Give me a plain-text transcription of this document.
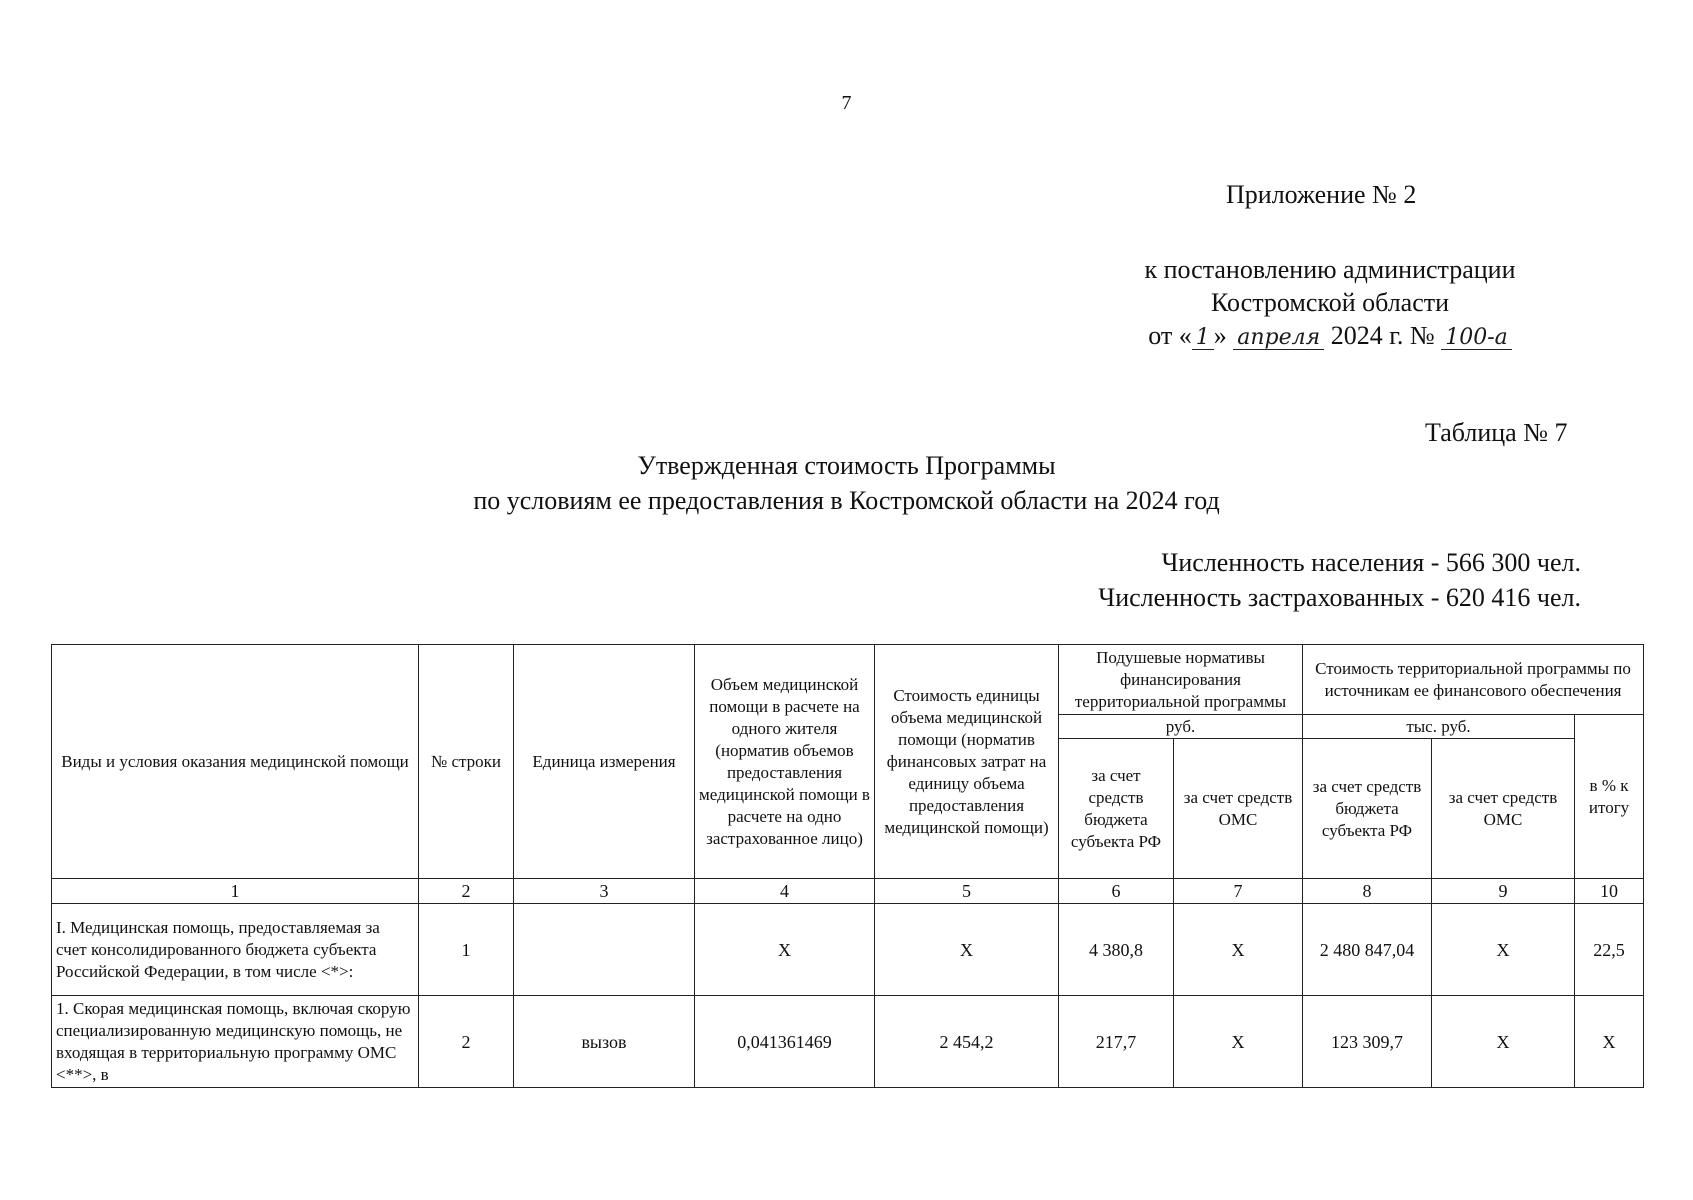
7
Приложение № 2
к постановлению администрации
Костромской области
от « 1 » апреля 2024 г. № 100-а
Таблица № 7
Утвержденная стоимость Программы
по условиям ее предоставления в Костромской области на 2024 год
Численность населения - 566 300 чел.
Численность застрахованных - 620 416 чел.
Виды и условия оказания медицинской помощи	№ строки	Единица измерения	Объем медицинской помощи в расчете на одного жителя (норматив объемов предоставления медицинской помощи в расчете на одно застрахованное лицо)	Стоимость единицы объема медицинской помощи (норматив финансовых затрат на единицу объема предоставления медицинской помощи)	Подушевые нормативы финансирования территориальной программы		Стоимость территориальной программы по источникам ее финансового обеспечения		
					руб.		тыс. руб.		в % к итогу
					за счет средств бюджета субъекта РФ	за счет средств ОМС	за счет средств бюджета субъекта РФ	за счет средств ОМС	
1	2	3	4	5	6	7	8	9	10
I. Медицинская помощь, предоставляемая за счет консолидированного бюджета субъекта Российской Федерации, в том числе <*>:	1		Х	Х	4 380,8	Х	2 480 847,04	Х	22,5
1. Скорая медицинская помощь, включая скорую специализированную медицинскую помощь, не входящая в территориальную программу ОМС <**>, в	2	вызов	0,041361469	2 454,2	217,7	Х	123 309,7	Х	Х
